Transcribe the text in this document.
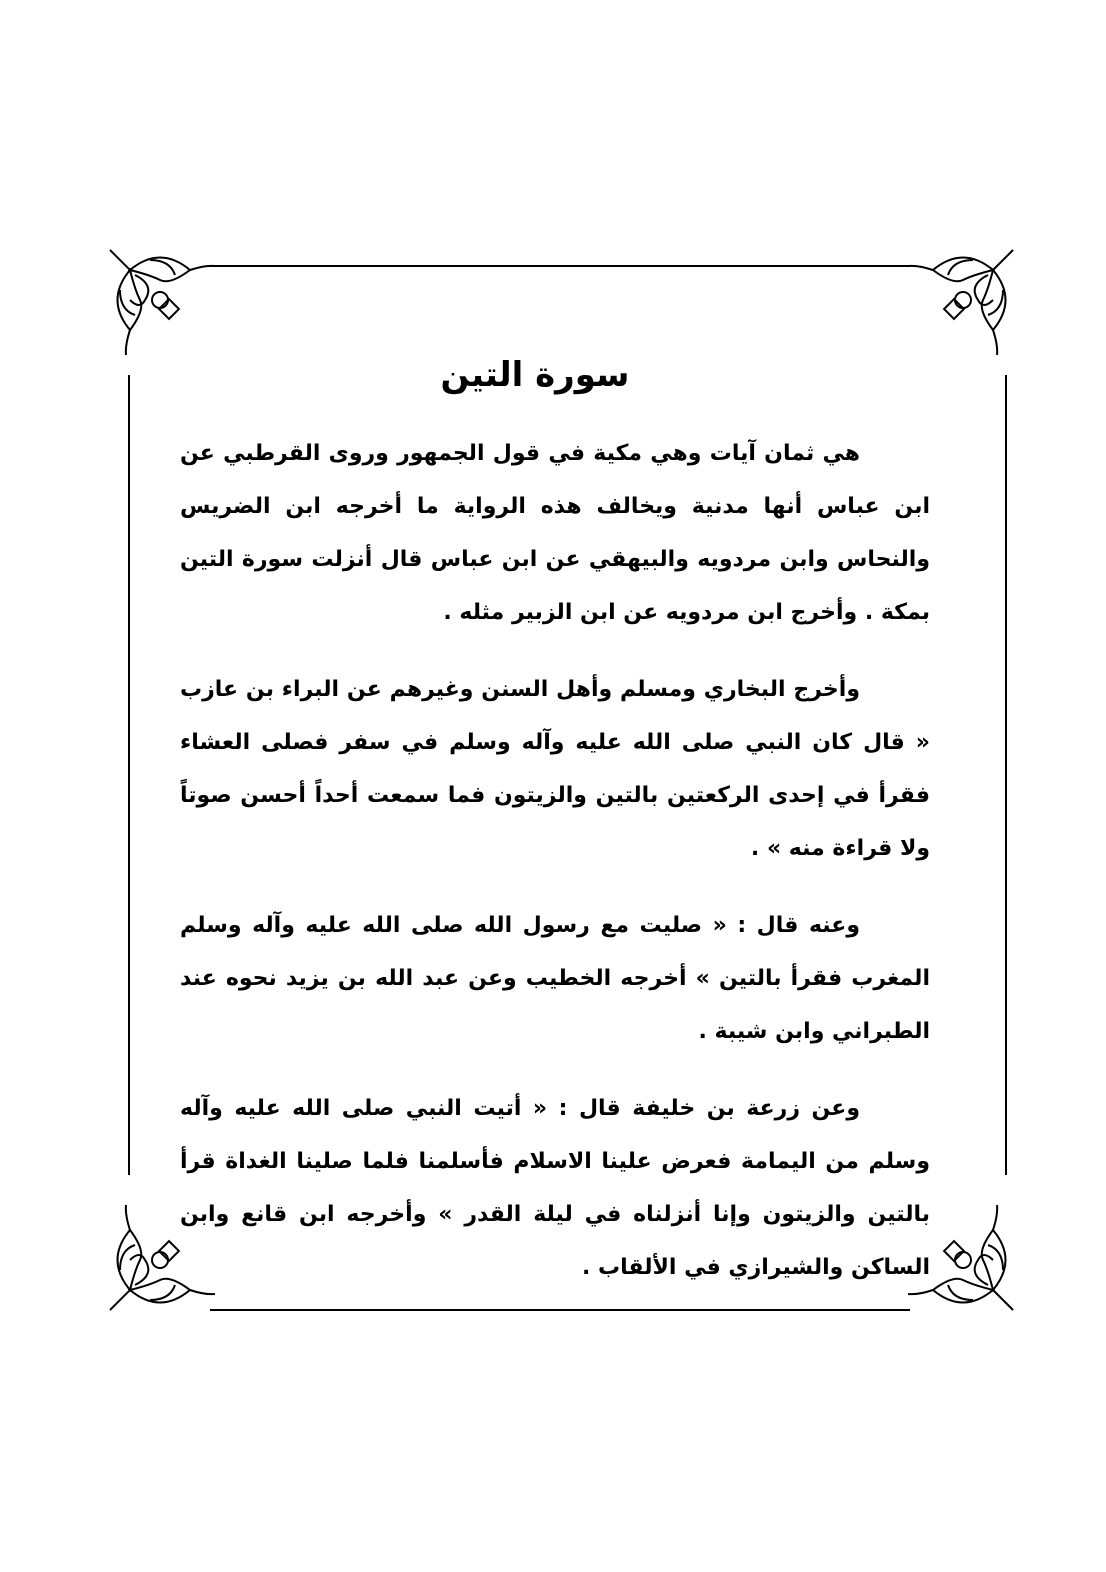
سورة التين

هي ثمان آيات وهي مكية في قول الجمهور وروى القرطبي عن ابن عباس أنها مدنية ويخالف هذه الرواية ما أخرجه ابن الضريس والنحاس وابن مردويه والبيهقي عن ابن عباس قال أنزلت سورة التين بمكة . وأخرج ابن مردويه عن ابن الزبير مثله .

وأخرج البخاري ومسلم وأهل السنن وغيرهم عن البراء بن عازب « قال كان النبي صلى الله عليه وآله وسلم في سفر فصلى العشاء فقرأ في إحدى الركعتين بالتين والزيتون فما سمعت أحداً أحسن صوتاً ولا قراءة منه » .

وعنه قال : « صليت مع رسول الله صلى الله عليه وآله وسلم المغرب فقرأ بالتين » أخرجه الخطيب وعن عبد الله بن يزيد نحوه عند الطبراني وابن شيبة .

وعن زرعة بن خليفة قال : « أتيت النبي صلى الله عليه وآله وسلم من اليمامة فعرض علينا الاسلام فأسلمنا فلما صلينا الغداة قرأ بالتين والزيتون وإنا أنزلناه في ليلة القدر » وأخرجه ابن قانع وابن الساكن والشيرازي في الألقاب .
